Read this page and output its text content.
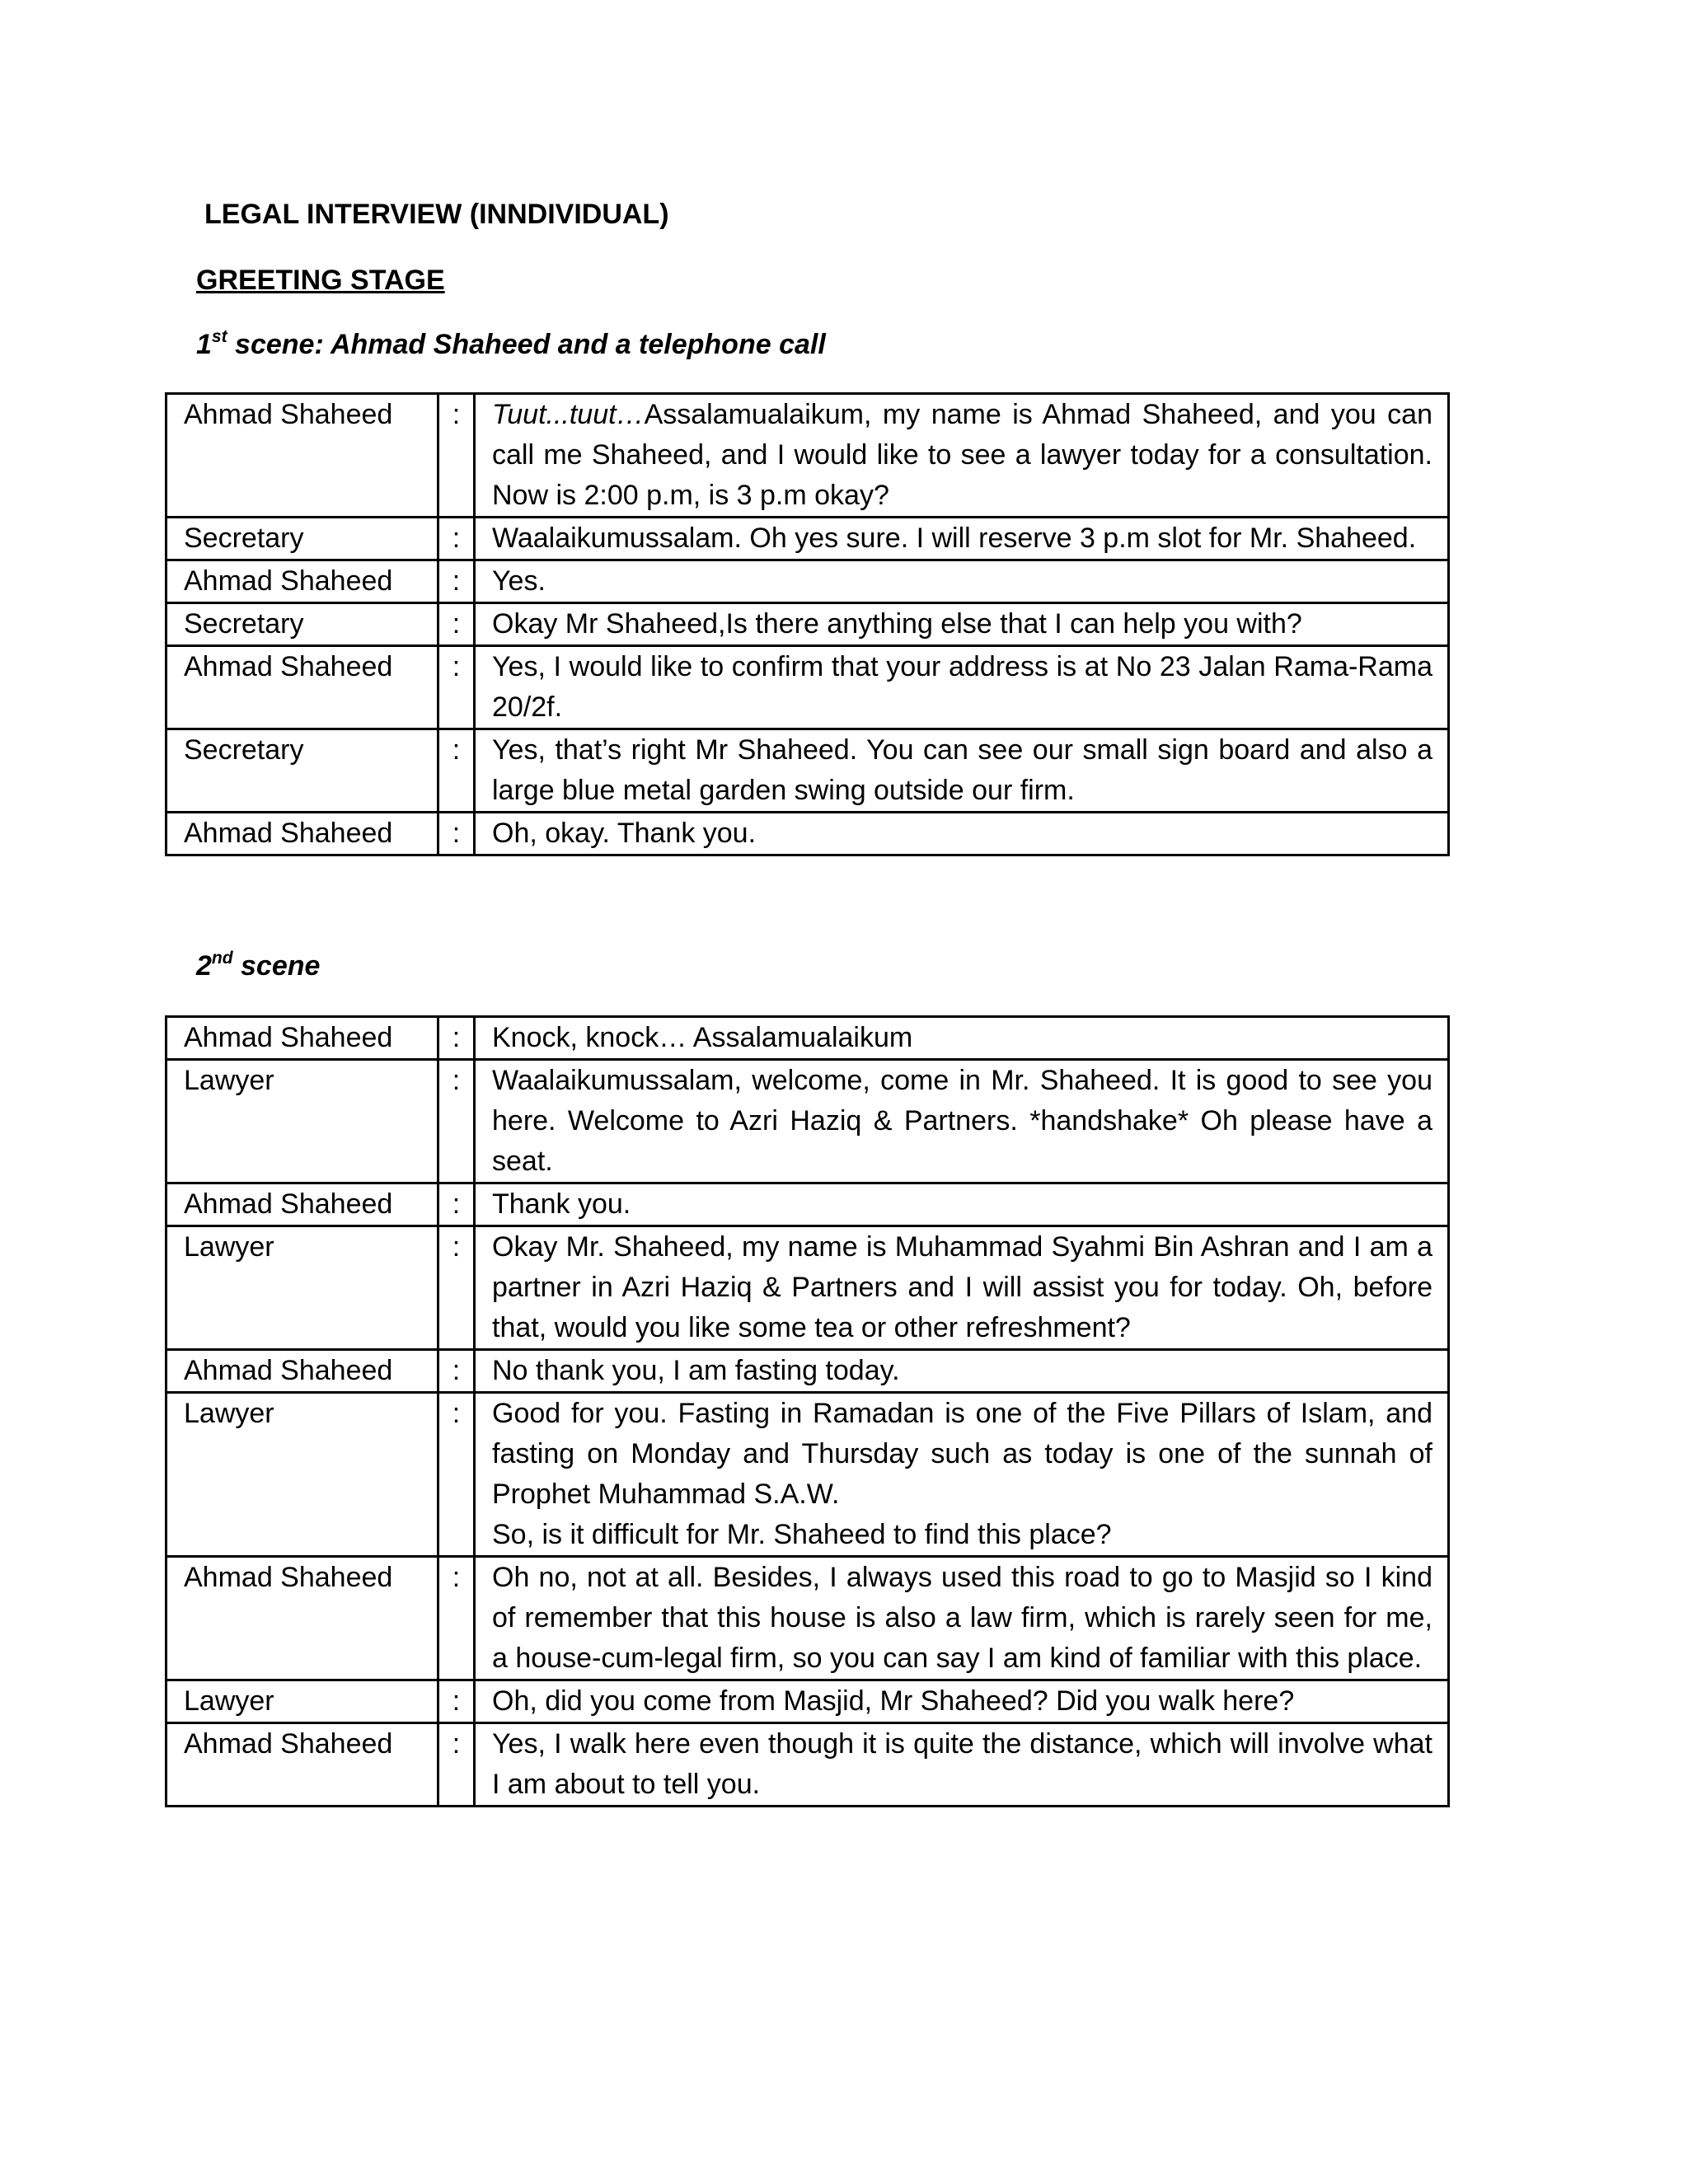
LEGAL INTERVIEW (INNDIVIDUAL)
GREETING STAGE
1st scene: Ahmad Shaheed and a telephone call
Ahmad Shaheed	:	Tuut...tuut…Assalamualaikum, my name is Ahmad Shaheed, and you can call me Shaheed, and I would like to see a lawyer today for a consultation. Now is 2:00 p.m, is 3 p.m okay?
Secretary	:	Waalaikumussalam. Oh yes sure. I will reserve 3 p.m slot for Mr. Shaheed.
Ahmad Shaheed	:	Yes.
Secretary	:	Okay Mr Shaheed,Is there anything else that I can help you with?
Ahmad Shaheed	:	Yes, I would like to confirm that your address is at No 23 Jalan Rama-Rama 20/2f.
Secretary	:	Yes, that’s right Mr Shaheed. You can see our small sign board and also a large blue metal garden swing outside our firm.
Ahmad Shaheed	:	Oh, okay. Thank you.
2nd scene
Ahmad Shaheed	:	Knock, knock… Assalamualaikum
Lawyer	:	Waalaikumussalam, welcome, come in Mr. Shaheed. It is good to see you here. Welcome to Azri Haziq & Partners. *handshake* Oh please have a seat.
Ahmad Shaheed	:	Thank you.
Lawyer	:	Okay Mr. Shaheed, my name is Muhammad Syahmi Bin Ashran and I am a partner in Azri Haziq & Partners and I will assist you for today. Oh, before that, would you like some tea or other refreshment?
Ahmad Shaheed	:	No thank you, I am fasting today.
Lawyer	:	Good for you. Fasting in Ramadan is one of the Five Pillars of Islam, and fasting on Monday and Thursday such as today is one of the sunnah of Prophet Muhammad S.A.W.
So, is it difficult for Mr. Shaheed to find this place?

Ahmad Shaheed	:	Oh no, not at all. Besides, I always used this road to go to Masjid so I kind of remember that this house is also a law firm, which is rarely seen for me, a house-cum-legal firm, so you can say I am kind of familiar with this place.
Lawyer	:	Oh, did you come from Masjid, Mr Shaheed? Did you walk here?
Ahmad Shaheed	:	Yes, I walk here even though it is quite the distance, which will involve what I am about to tell you.
